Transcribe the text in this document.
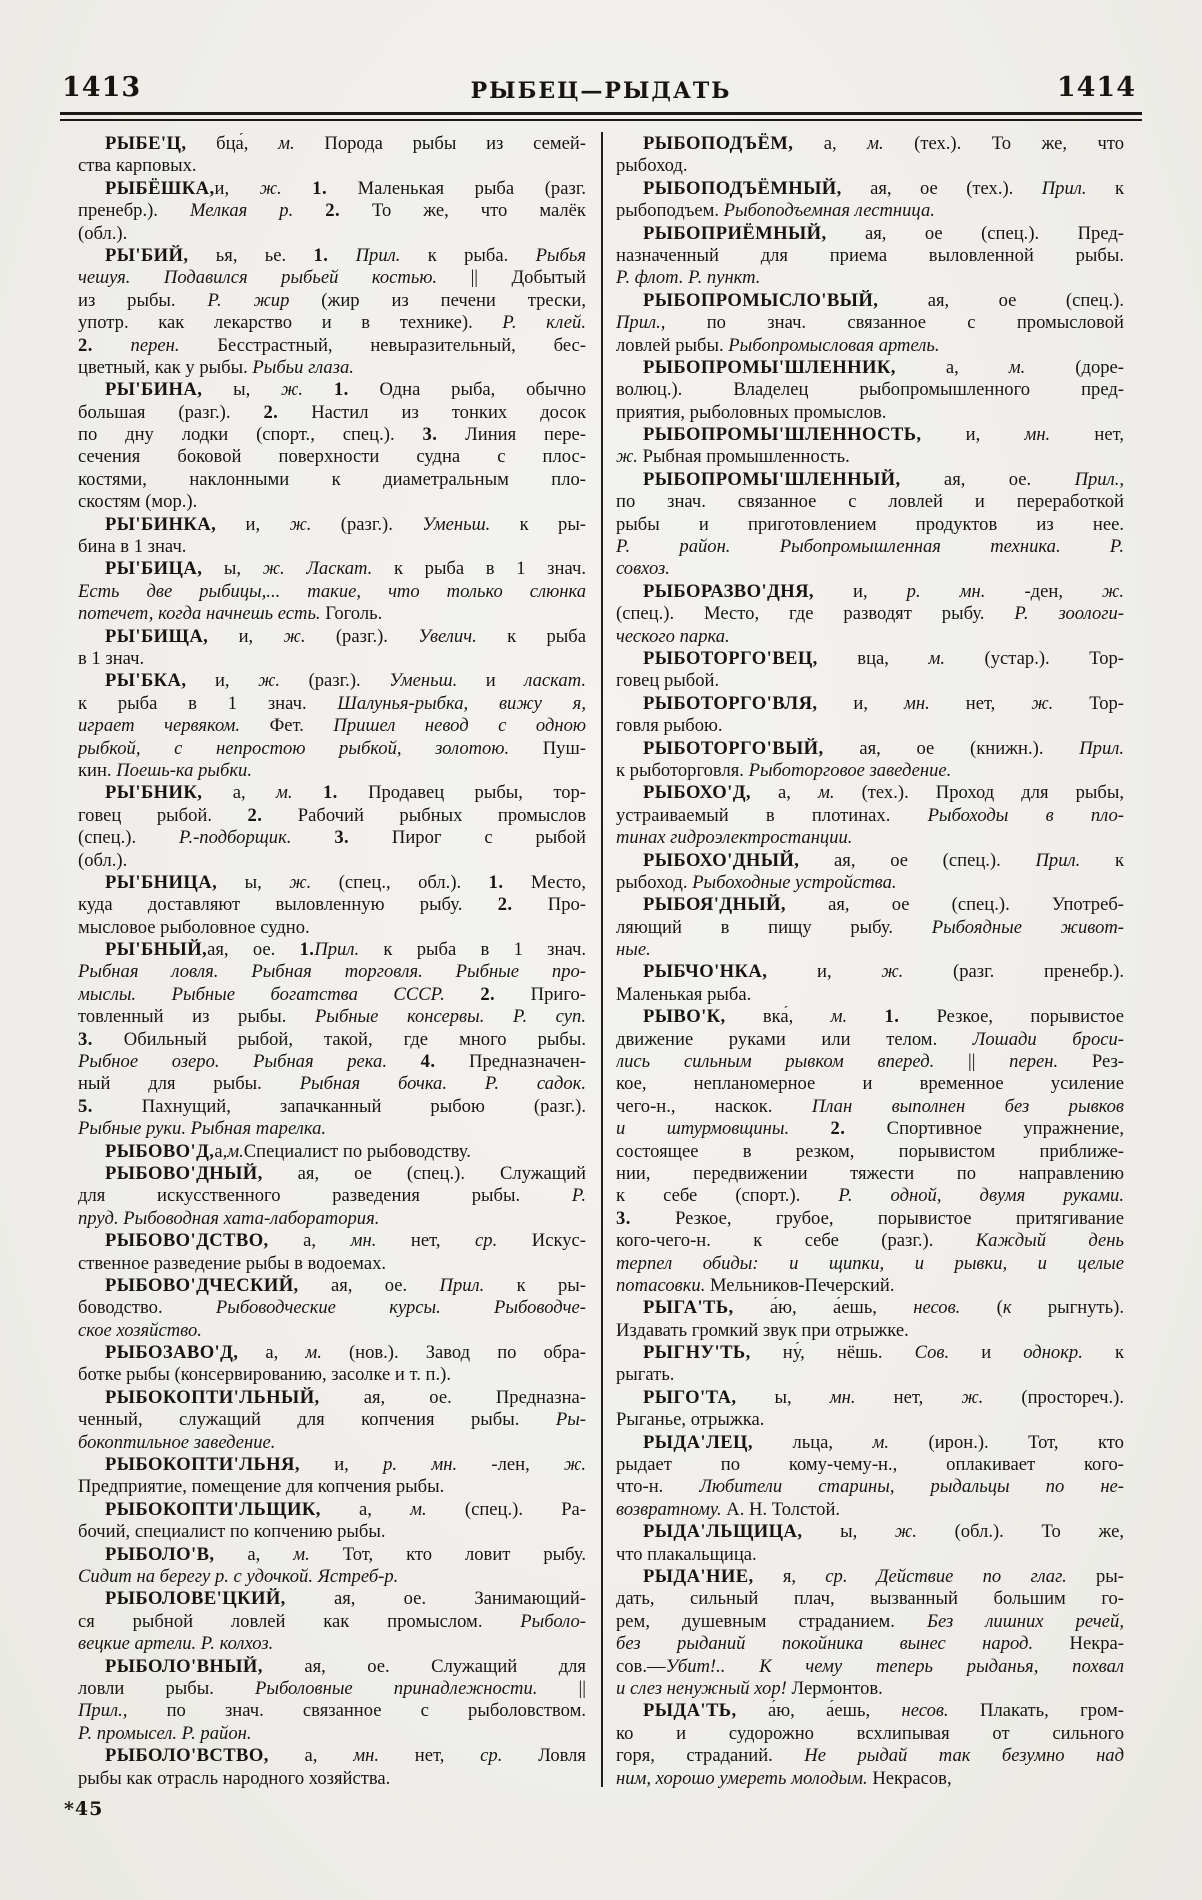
1413	РЫБЕЦ—РЫДАТЬ	1414
РЫБЕ'Ц, бца́, м. Порода рыбы из семей-
ства карповых.
РЫБЁШКА,и, ж. 1. Маленькая рыба (разг.
пренебр.). Мелкая р. 2. То же, что малёк
(обл.).
РЫ'БИЙ, ья, ье. 1. Прил. к рыба. Рыбья
чешуя. Подавился рыбьей костью. || Добытый
из рыбы. Р. жир (жир из печени трески,
употр. как лекарство и в технике). Р. клей.
2. перен. Бесстрастный, невыразительный, бес-
цветный, как у рыбы. Рыбьи глаза.
РЫ'БИНА, ы, ж. 1. Одна рыба, обычно
большая (разг.). 2. Настил из тонких досок
по дну лодки (спорт., спец.). 3. Линия пере-
сечения боковой поверхности судна с плос-
костями, наклонными к диаметральным пло-
скостям (мор.).
РЫ'БИНКА, и, ж. (разг.). Уменьш. к ры-
бина в 1 знач.
РЫ'БИЦА, ы, ж. Ласкат. к рыба в 1 знач.
Есть две рыбицы,... такие, что только слюнка
потечет, когда начнешь есть. Гоголь.
РЫ'БИЩА, и, ж. (разг.). Увелич. к рыба
в 1 знач.
РЫ'БКА, и, ж. (разг.). Уменьш. и ласкат.
к рыба в 1 знач. Шалунья-рыбка, вижу я,
играет червяком. Фет. Пришел невод с одною
рыбкой, с непростою рыбкой, золотою. Пуш-
кин. Поешь-ка рыбки.
РЫ'БНИК, а, м. 1. Продавец рыбы, тор-
говец рыбой. 2. Рабочий рыбных промыслов
(спец.). Р.-подборщик. 3. Пирог с рыбой
(обл.).
РЫ'БНИЦА, ы, ж. (спец., обл.). 1. Место,
куда доставляют выловленную рыбу. 2. Про-
мысловое рыболовное судно.
РЫ'БНЫЙ,ая, ое. 1.Прил. к рыба в 1 знач.
Рыбная ловля. Рыбная торговля. Рыбные про-
мыслы. Рыбные богатства СССР. 2. Приго-
товленный из рыбы. Рыбные консервы. Р. суп.
3. Обильный рыбой, такой, где много рыбы.
Рыбное озеро. Рыбная река. 4. Предназначен-
ный для рыбы. Рыбная бочка. Р. садок.
5. Пахнущий, запачканный рыбою (разг.).
Рыбные руки. Рыбная тарелка.
РЫБОВО'Д,а,м.Специалист по рыбоводству.
РЫБОВО'ДНЫЙ, ая, ое (спец.). Служащий
для искусственного разведения рыбы. Р.
пруд. Рыбоводная хата-лаборатория.
РЫБОВО'ДСТВО, а, мн. нет, ср. Искус-
ственное разведение рыбы в водоемах.
РЫБОВО'ДЧЕСКИЙ, ая, ое. Прил. к ры-
боводство. Рыбоводческие курсы. Рыбоводче-
ское хозяйство.
РЫБОЗАВО'Д, а, м. (нов.). Завод по обра-
ботке рыбы (консервированию, засолке и т. п.).
РЫБОКОПТИ'ЛЬНЫЙ, ая, ое. Предназна-
ченный, служащий для копчения рыбы. Ры-
бокоптильное заведение.
РЫБОКОПТИ'ЛЬНЯ, и, р. мн. -лен, ж.
Предприятие, помещение для копчения рыбы.
РЫБОКОПТИ'ЛЬЩИК, а, м. (спец.). Ра-
бочий, специалист по копчению рыбы.
РЫБОЛО'В, а, м. Тот, кто ловит рыбу.
Сидит на берегу р. с удочкой. Ястреб-р.
РЫБОЛОВЕ'ЦКИЙ, ая, ое. Занимающий-
ся рыбной ловлей как промыслом. Рыболо-
вецкие артели. Р. колхоз.
РЫБОЛО'ВНЫЙ, ая, ое. Служащий для
ловли рыбы. Рыболовные принадлежности. ||
Прил., по знач. связанное с рыболовством.
Р. промысел. Р. район.
РЫБОЛО'ВСТВО, а, мн. нет, ср. Ловля
рыбы как отрасль народного хозяйства.
РЫБОПОДЪЁМ, а, м. (тех.). То же, что
рыбоход.
РЫБОПОДЪЁМНЫЙ, ая, ое (тех.). Прил. к
рыбоподъем. Рыбоподъемная лестница.
РЫБОПРИЁМНЫЙ, ая, ое (спец.). Пред-
назначенный для приема выловленной рыбы.
Р. флот. Р. пункт.
РЫБОПРОМЫСЛО'ВЫЙ, ая, ое (спец.).
Прил., по знач. связанное с промысловой
ловлей рыбы. Рыбопромысловая артель.
РЫБОПРОМЫ'ШЛЕННИК, а, м. (доре-
волюц.). Владелец рыбопромышленного пред-
приятия, рыболовных промыслов.
РЫБОПРОМЫ'ШЛЕННОСТЬ, и, мн. нет,
ж. Рыбная промышленность.
РЫБОПРОМЫ'ШЛЕННЫЙ, ая, ое. Прил.,
по знач. связанное с ловлей и переработкой
рыбы и приготовлением продуктов из нее.
Р. район. Рыбопромышленная техника. Р.
совхоз.
РЫБОРАЗВО'ДНЯ, и, р. мн. -ден, ж.
(спец.). Место, где разводят рыбу. Р. зоологи-
ческого парка.
РЫБОТОРГО'ВЕЦ, вца, м. (устар.). Тор-
говец рыбой.
РЫБОТОРГО'ВЛЯ, и, мн. нет, ж. Тор-
говля рыбою.
РЫБОТОРГО'ВЫЙ, ая, ое (книжн.). Прил.
к рыботорговля. Рыботорговое заведение.
РЫБОХО'Д, а, м. (тех.). Проход для рыбы,
устраиваемый в плотинах. Рыбоходы в пло-
тинах гидроэлектростанции.
РЫБОХО'ДНЫЙ, ая, ое (спец.). Прил. к
рыбоход. Рыбоходные устройства.
РЫБОЯ'ДНЫЙ, ая, ое (спец.). Употреб-
ляющий в пищу рыбу. Рыбоядные живот-
ные.
РЫБЧО'НКА, и, ж. (разг. пренебр.).
Маленькая рыба.
РЫВО'К, вка́, м. 1. Резкое, порывистое
движение руками или телом. Лошади броси-
лись сильным рывком вперед. || перен. Рез-
кое, непланомерное и временное усиление
чего-н., наскок. План выполнен без рывков
и штурмовщины. 2. Спортивное упражнение,
состоящее в резком, порывистом приближе-
нии, передвижении тяжести по направлению
к себе (спорт.). Р. одной, двумя руками.
3. Резкое, грубое, порывистое притягивание
кого-чего-н. к себе (разг.). Каждый день
терпел обиды: и щипки, и рывки, и целые
потасовки. Мельников-Печерский.
РЫГА'ТЬ, а́ю, а́ешь, несов. (к рыгнуть).
Издавать громкий звук при отрыжке.
РЫГНУ'ТЬ, ну́, нёшь. Сов. и однокр. к
рыгать.
РЫГО'ТА, ы, мн. нет, ж. (простореч.).
Рыганье, отрыжка.
РЫДА'ЛЕЦ, льца, м. (ирон.). Тот, кто
рыдает по кому-чему-н., оплакивает кого-
что-н. Любители старины, рыдальцы по не-
возвратному. А. Н. Толстой.
РЫДА'ЛЬЩИЦА, ы, ж. (обл.). То же,
что плакальщица.
РЫДА'НИЕ, я, ср. Действие по глаг. ры-
дать, сильный плач, вызванный большим го-
рем, душевным страданием. Без лишних речей,
без рыданий покойника вынес народ. Некра-
сов.—Убит!.. К чему теперь рыданья, похвал
и слез ненужный хор! Лермонтов.
РЫДА'ТЬ, а́ю, а́ешь, несов. Плакать, гром-
ко и судорожно всхлипывая от сильного
горя, страданий. Не рыдай так безумно над
ним, хорошо умереть молодым. Некрасов,
*45
